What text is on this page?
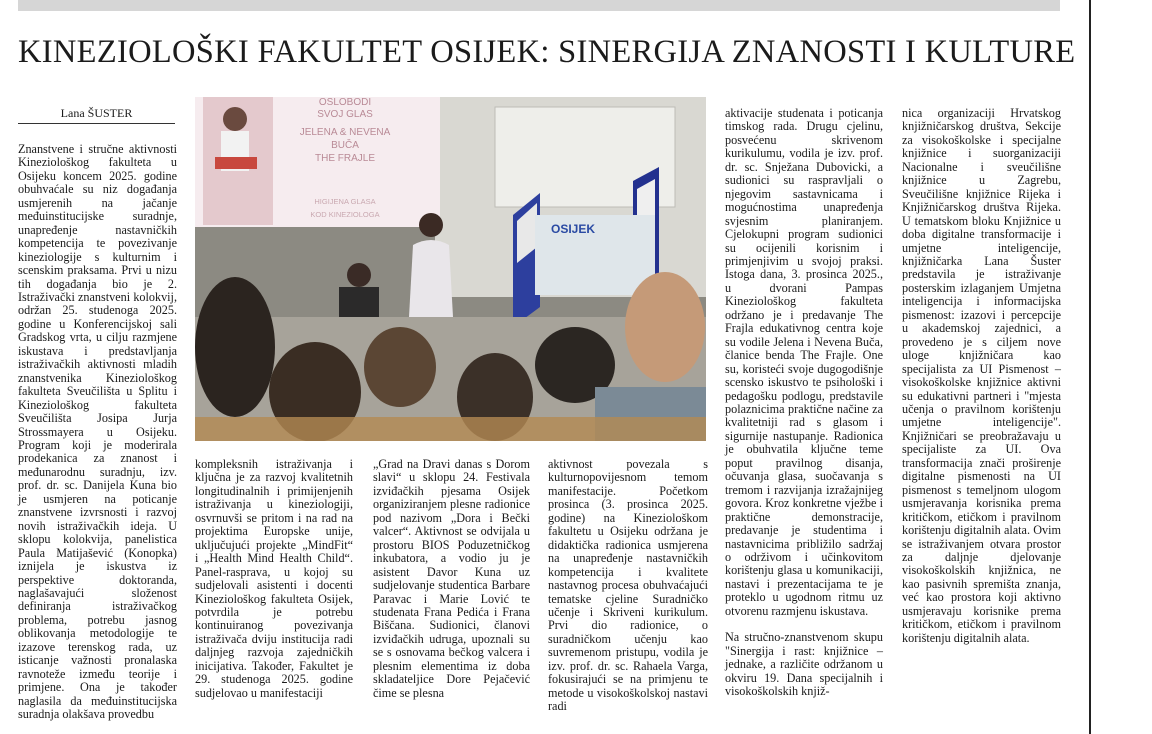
KINEZIOLOŠKI FAKULTET OSIJEK: SINERGIJA ZNANOSTI I KULTURE
Lana ŠUSTER
Znanstvene i stručne aktivnosti Kineziološkog fakulteta u Osijeku koncem 2025. godine obuhvaćale su niz događanja usmjerenih na jačanje međuinstitucijske suradnje, unapređenje nastavničkih kompetencija te povezivanje kineziologije s kulturnim i scenskim praksama. Prvi u nizu tih događanja bio je 2. Istraživački znanstveni kolokvij, održan 25. studenoga 2025. godine u Konferencijskoj sali Gradskog vrta, u cilju razmjene iskustava i predstavljanja istraživačkih aktivnosti mladih znanstvenika Kineziološkog fakulteta Sveučilišta u Splitu i Kineziološkog fakulteta Sveučilišta Josipa Jurja Strossmayera u Osijeku. Program koji je moderirala prodekanica za znanost i međunarodnu suradnju, izv. prof. dr. sc. Danijela Kuna bio je usmjeren na poticanje znanstvene izvrsnosti i razvoj novih istraživačkih ideja. U sklopu kolokvija, panelistica Paula Matijašević (Konopka) iznijela je iskustva iz perspektive doktoranda, naglašavajući složenost definiranja istraživačkog problema, potrebu jasnog oblikovanja metodologije te izazove terenskog rada, uz isticanje važnosti pronalaska ravnoteže između teorije i primjene. Ona je također naglasila da međuinstitucijska suradnja olakšava provedbu
OSLOBODI
SVOJ GLAS
JELENA & NEVENA
BUČA
THE FRAJLE
HIGIJENA GLASA
KOD KINEZIOLOGA
OSIJEK
kompleksnih istraživanja i ključna je za razvoj kvalitetnih longitudinalnih i primijenjenih istraživanja u kineziologiji, osvrnuvši se pritom i na rad na projektima Europske unije, uključujući projekte „MindFit“ i „Health Mind Health Child“. Panel-rasprava, u kojoj su sudjelovali asistenti i docenti Kineziološkog fakulteta Osijek, potvrdila je potrebu kontinuiranog povezivanja istraživača dviju institucija radi daljnjeg razvoja zajedničkih inicijativa. Također, Fakultet je 29. studenoga 2025. godine sudjelovao u manifestaciji
„Grad na Dravi danas s Dorom slavi“ u sklopu 24. Festivala izviđačkih pjesama Osijek organiziranjem plesne radionice pod nazivom „Dora i Bečki valcer“. Aktivnost se odvijala u prostoru BIOS Poduzetničkog inkubatora, a vodio ju je asistent Davor Kuna uz sudjelovanje studentica Barbare Paravac i Marie Lović te studenata Frana Pedića i Frana Biščana. Sudionici, članovi izviđačkih udruga, upoznali su se s osnovama bečkog valcera i plesnim elementima iz doba skladateljice Dore Pejačević čime se plesna
aktivnost povezala s kulturnopovijesnom temom manifestacije. Početkom prosinca (3. prosinca 2025. godine) na Kineziološkom fakultetu u Osijeku održana je didaktička radionica usmjerena na unapređenje nastavničkih kompetencija i kvalitete nastavnog procesa obuhvaćajući tematske cjeline Suradničko učenje i Skriveni kurikulum. Prvi dio radionice, o suradničkom učenju kao suvremenom pristupu, vodila je izv. prof. dr. sc. Rahaela Varga, fokusirajući se na primjenu te metode u visokoškolskoj nastavi radi

aktivacije studenata i poticanja timskog rada. Drugu cjelinu, posvećenu skrivenom kurikulumu, vodila je izv. prof. dr. sc. Snježana Dubovicki, a sudionici su raspravljali o njegovim sastavnicama i mogućnostima unapređenja svjesnim planiranjem. Cjelokupni program sudionici su ocijenili korisnim i primjenjivim u svojoj praksi. Istoga dana, 3. prosinca 2025., u dvorani Pampas Kineziološkog fakulteta održano je i predavanje The Frajla edukativnog centra koje su vodile Jelena i Nevena Buča, članice benda The Frajle. One su, koristeći svoje dugogodišnje scensko iskustvo te psihološki i pedagošku podlogu, predstavile polaznicima praktične načine za kvalitetniji rad s glasom i sigurnije nastupanje. Radionica je obuhvatila ključne teme poput pravilnog disanja, očuvanja glasa, suočavanja s tremom i razvijanja izražajnijeg govora. Kroz konkretne vježbe i praktične demonstracije, predavanje je studentima i nastavnicima približilo sadržaj o održivom i učinkovitom korištenju glasa u komunikaciji, nastavi i prezentacijama te je proteklo u ugodnom ritmu uz otvorenu razmjenu iskustava.

Na stručno-znanstvenom skupu "Sinergija i rast: knjižnice – jednake, a različite održanom u okviru 19. Dana specijalnih i visokoškolskih knjiž-

nica organizaciji Hrvatskog knjižničarskog društva, Sekcije za visokoškolske i specijalne knjižnice i suorganizaciji Nacionalne i sveučilišne knjižnice u Zagrebu, Sveučilišne knjižnice Rijeka i Knjižničarskog društva Rijeka. U tematskom bloku Knjižnice u doba digitalne transformacije i umjetne inteligencije, knjižničarka Lana Šuster predstavila je istraživanje posterskim izlaganjem Umjetna inteligencija i informacijska pismenost: izazovi i percepcije u akademskoj zajednici, a provedeno je s ciljem nove uloge knjižničara kao specijalista za UI Pismenost – visokoškolske knjižnice aktivni su edukativni partneri i "mjesta učenja o pravilnom korištenju umjetne inteligencije". Knjižničari se preobražavaju u specijaliste za UI. Ova transformacija znači proširenje digitalne pismenosti na UI pismenost s temeljnom ulogom usmjeravanja korisnika prema kritičkom, etičkom i pravilnom korištenju digitalnih alata. Ovim se istraživanjem otvara prostor za daljnje djelovanje visokoškolskih knjižnica, ne kao pasivnih spremišta znanja, već kao prostora koji aktivno usmjeravaju korisnike prema kritičkom, etičkom i pravilnom korištenju digitalnih alata.
